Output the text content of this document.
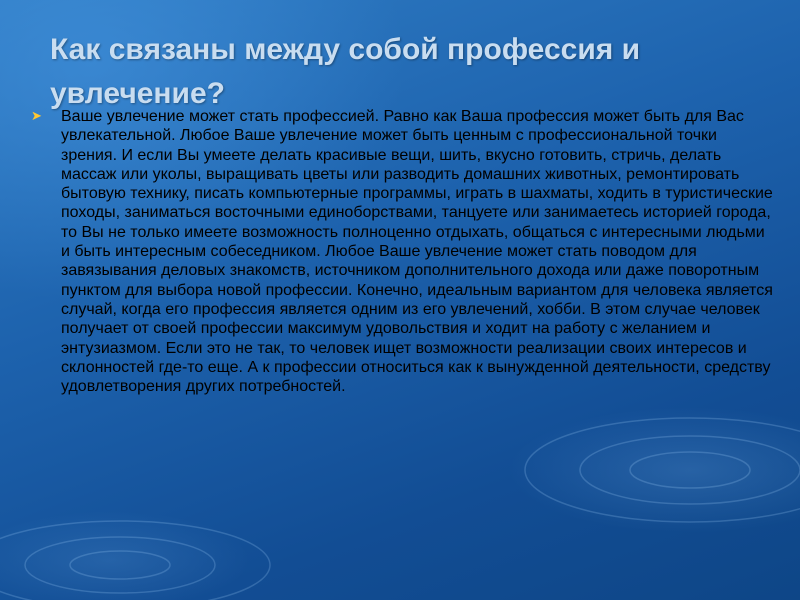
Как связаны между собой профессия и увлечение?
➤ Ваше увлечение может стать профессией. Равно как Ваша профессия может быть для Вас увлекательной. Любое Ваше увлечение может быть ценным с профессиональной точки зрения. И если Вы умеете делать красивые вещи, шить, вкусно готовить, стричь, делать массаж или уколы, выращивать цветы или разводить домашних животных, ремонтировать бытовую технику, писать компьютерные программы, играть в шахматы, ходить в туристические походы, заниматься восточными единоборствами, танцуете или занимаетесь историей города, то Вы не только имеете возможность полноценно отдыхать, общаться с интересными людьми и быть интересным собеседником. Любое Ваше увлечение может стать поводом для завязывания деловых знакомств, источником дополнительного дохода или даже поворотным пунктом для выбора новой профессии. Конечно, идеальным вариантом для человека является случай, когда его профессия является одним из его увлечений, хобби. В этом случае человек получает от своей профессии максимум удовольствия и ходит на работу с желанием и энтузиазмом. Если это не так, то человек ищет возможности реализации своих интересов и склонностей где-то еще. А к профессии относиться как к вынужденной деятельности, средству удовлетворения других потребностей.
